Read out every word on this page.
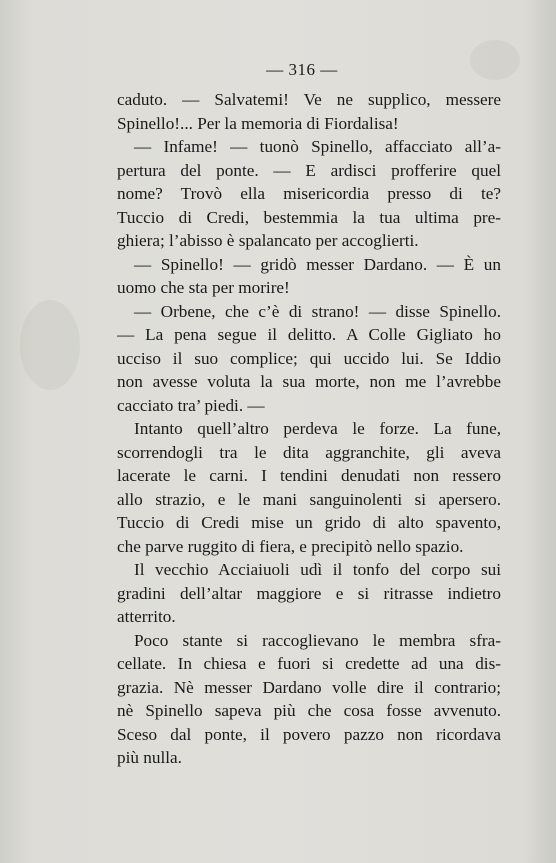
— 316 —
caduto. — Salvatemi! Ve ne supplico, messere
Spinello!... Per la memoria di Fiordalisa!
— Infame! — tuonò Spinello, affacciato all’a-
pertura del ponte. — E ardisci profferire quel
nome? Trovò ella misericordia presso di te?
Tuccio di Credi, bestemmia la tua ultima pre-
ghiera; l’abisso è spalancato per accoglierti.
— Spinello! — gridò messer Dardano. — È un
uomo che sta per morire!
— Orbene, che c’è di strano! — disse Spinello.
— La pena segue il delitto. A Colle Gigliato ho
ucciso il suo complice; qui uccido lui. Se Iddio
non avesse voluta la sua morte, non me l’avrebbe
cacciato tra’ piedi. —
Intanto quell’altro perdeva le forze. La fune,
scorrendogli tra le dita aggranchite, gli aveva
lacerate le carni. I tendini denudati non ressero
allo strazio, e le mani sanguinolenti si apersero.
Tuccio di Credi mise un grido di alto spavento,
che parve ruggito di fiera, e precipitò nello spazio.
Il vecchio Acciaiuoli udì il tonfo del corpo sui
gradini dell’altar maggiore e si ritrasse indietro
atterrito.
Poco stante si raccoglievano le membra sfra-
cellate. In chiesa e fuori si credette ad una dis-
grazia. Nè messer Dardano volle dire il contrario;
nè Spinello sapeva più che cosa fosse avvenuto.
Sceso dal ponte, il povero pazzo non ricordava
più nulla.
